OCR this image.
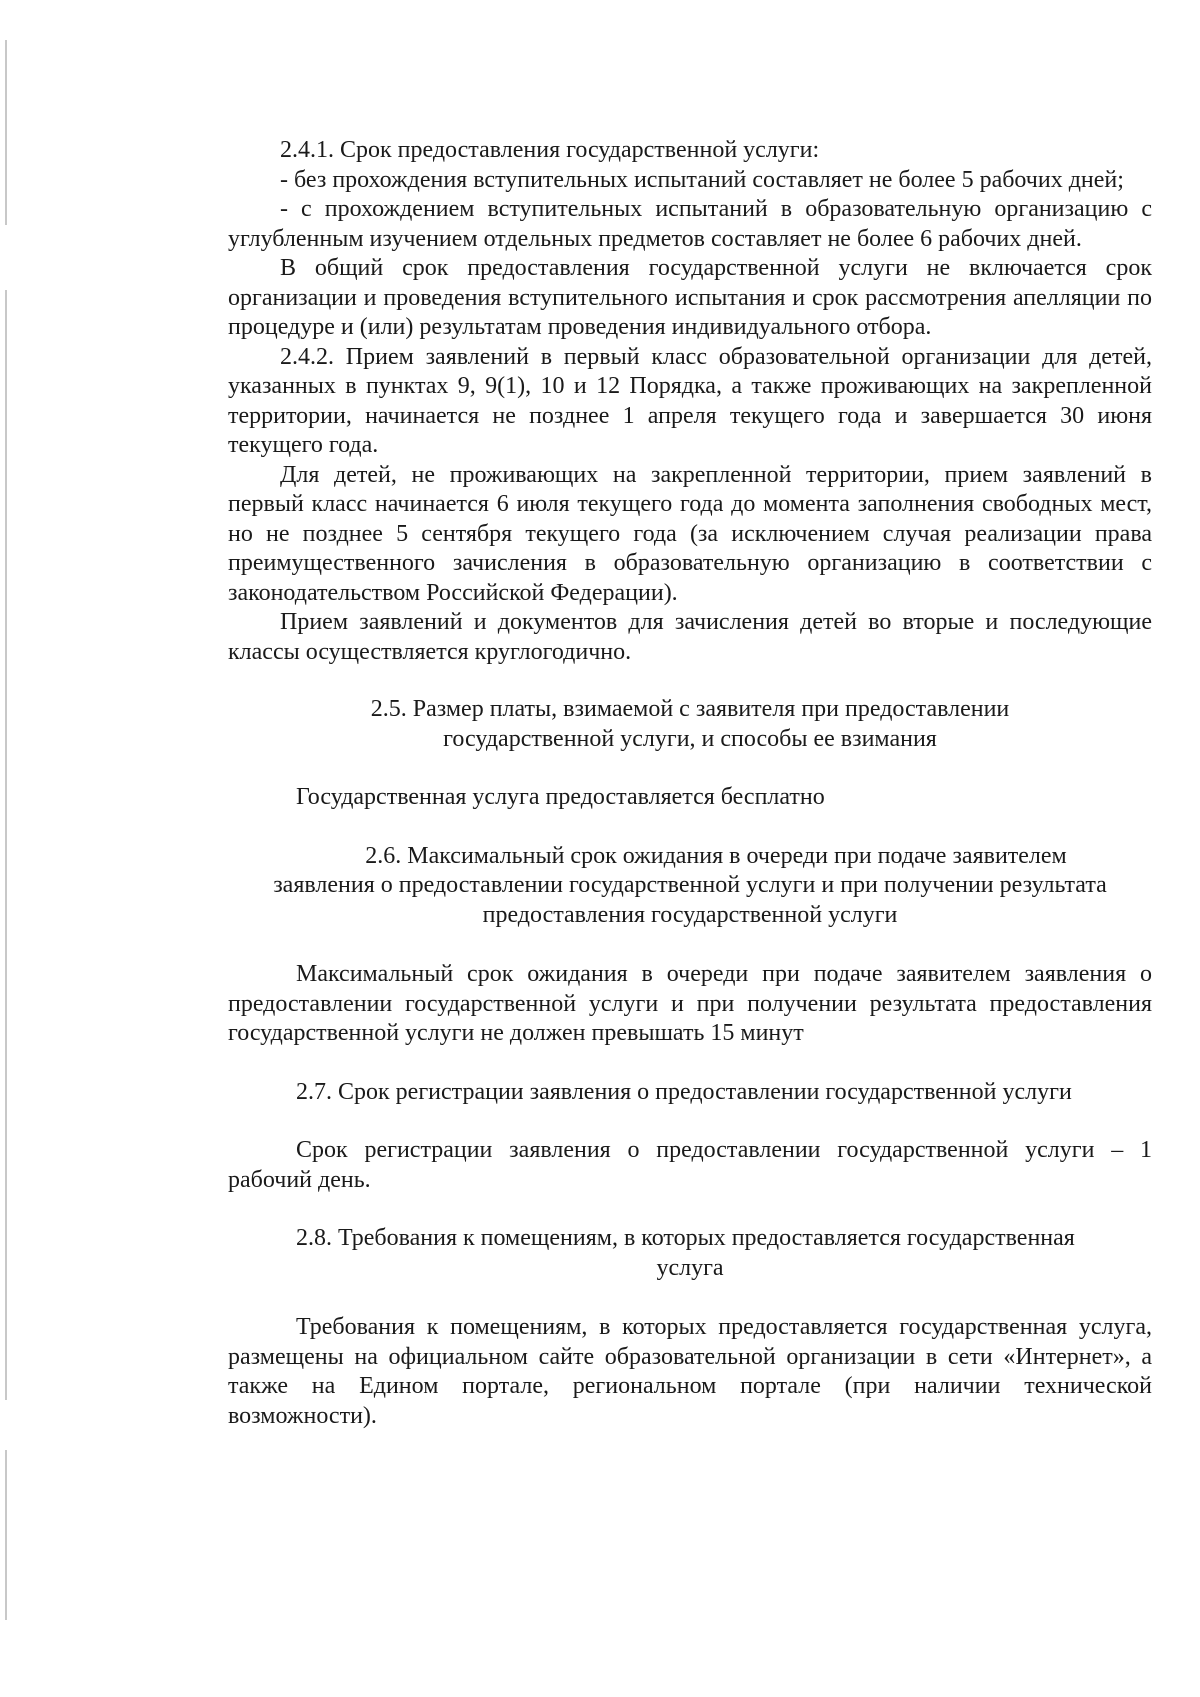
2.4.1. Срок предоставления государственной услуги:

- без прохождения вступительных испытаний составляет не более 5 рабочих дней;

- с прохождением вступительных испытаний в образовательную организацию с углубленным изучением отдельных предметов составляет не более 6 рабочих дней.

В общий срок предоставления государственной услуги не включается срок организации и проведения вступительного испытания и срок рассмотрения апелляции по процедуре и (или) результатам проведения индивидуального отбора.

2.4.2. Прием заявлений в первый класс образовательной организации для детей, указанных в пунктах 9, 9(1), 10 и 12 Порядка, а также проживающих на закрепленной территории, начинается не позднее 1 апреля текущего года и завершается 30 июня текущего года.

Для детей, не проживающих на закрепленной территории, прием заявлений в первый класс начинается 6 июля текущего года до момента заполнения свободных мест, но не позднее 5 сентября текущего года (за исключением случая реализации права преимущественного зачисления в образовательную организацию в соответствии с законодательством Российской Федерации).

Прием заявлений и документов для зачисления детей во вторые и последующие классы осуществляется круглогодично.

2.5. Размер платы, взимаемой с заявителя при предоставлении
государственной услуги, и способы ее взимания

Государственная услуга предоставляется бесплатно

2.6. Максимальный срок ожидания в очереди при подаче заявителем
заявления о предоставлении государственной услуги и при получении результата
предоставления государственной услуги

Максимальный срок ожидания в очереди при подаче заявителем заявления о предоставлении государственной услуги и при получении результата предоставления государственной услуги не должен превышать 15 минут

2.7. Срок регистрации заявления о предоставлении государственной услуги

Срок регистрации заявления о предоставлении государственной услуги – 1 рабочий день.

2.8. Требования к помещениям, в которых предоставляется государственная
услуга

Требования к помещениям, в которых предоставляется государственная услуга, размещены на официальном сайте образовательной организации в сети «Интернет», а также на Едином портале, региональном портале (при наличии технической возможности).
